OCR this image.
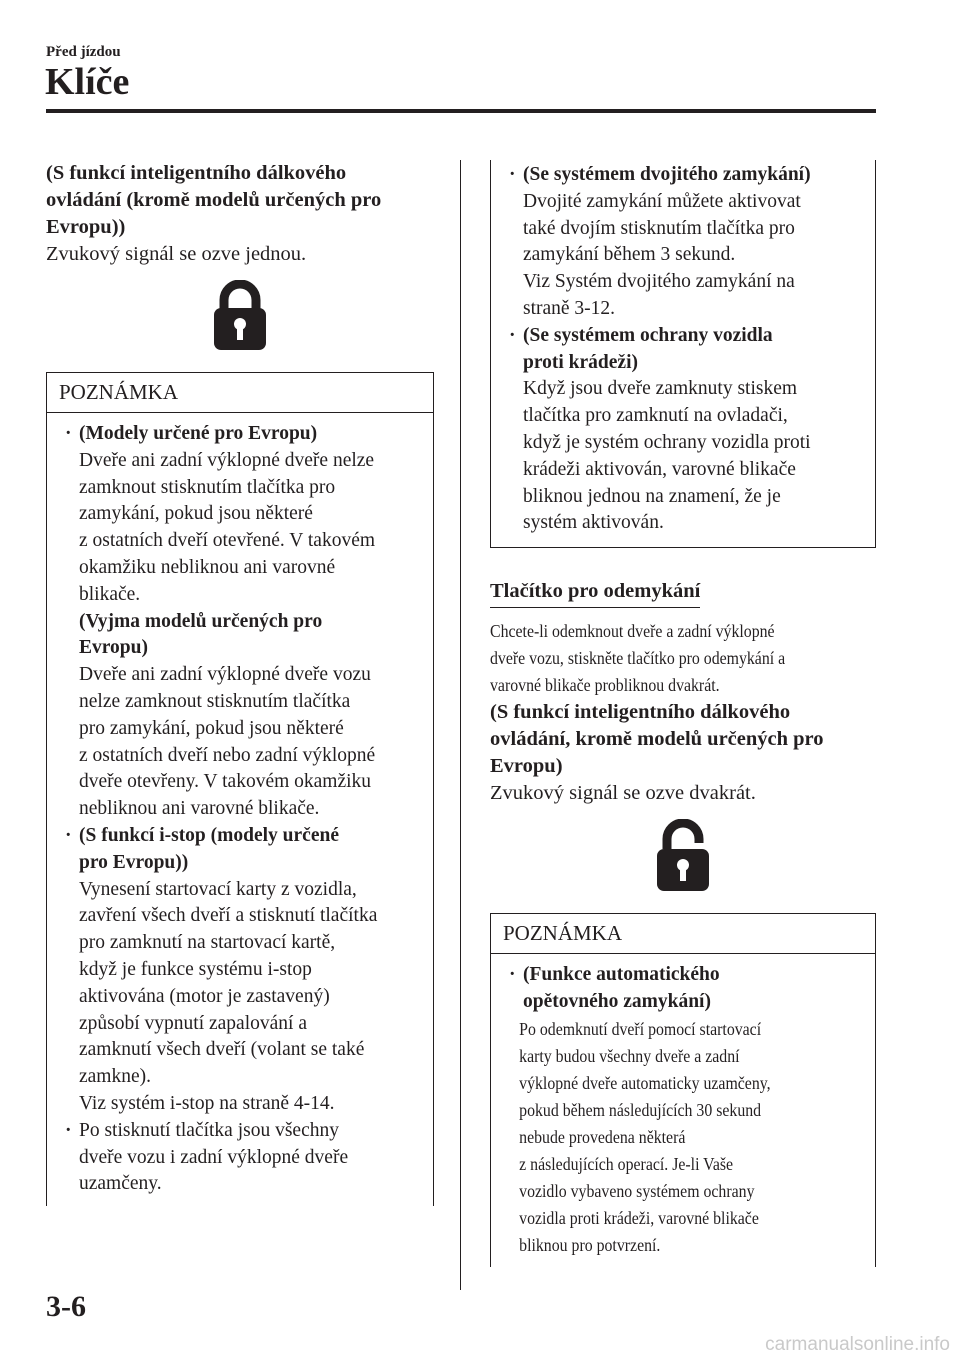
Před jízdou
Klíče

(S funkcí inteligentního dálkového

ovládání (kromě modelů určených pro

Evropu))

Zvukový signál se ozve jednou.

POZNÁMKA

· (Modely určené pro Evropu)

Dveře ani zadní výklopné dveře nelze

zamknout stisknutím tlačítka pro

zamykání, pokud jsou některé

z ostatních dveří otevřené. V takovém

okamžiku nebliknou ani varovné

blikače.

(Vyjma modelů určených pro

Evropu)

Dveře ani zadní výklopné dveře vozu

nelze zamknout stisknutím tlačítka

pro zamykání, pokud jsou některé

z ostatních dveří nebo zadní výklopné

dveře otevřeny. V takovém okamžiku

nebliknou ani varovné blikače.

· (S funkcí i-stop (modely určené

pro Evropu))

Vynesení startovací karty z vozidla,

zavření všech dveří a stisknutí tlačítka

pro zamknutí na startovací kartě,

když je funkce systému i-stop

aktivována (motor je zastavený)

způsobí vypnutí zapalování a

zamknutí všech dveří (volant se také

zamkne).

Viz systém i-stop na straně 4-14.

· Po stisknutí tlačítka jsou všechny

dveře vozu i zadní výklopné dveře

uzamčeny.

· (Se systémem dvojitého zamykání)

Dvojité zamykání můžete aktivovat

také dvojím stisknutím tlačítka pro

zamykání během 3 sekund.

Viz Systém dvojitého zamykání na

straně 3-12.

· (Se systémem ochrany vozidla

proti krádeži)

Když jsou dveře zamknuty stiskem

tlačítka pro zamknutí na ovladači,

když je systém ochrany vozidla proti

krádeži aktivován, varovné blikače

bliknou jednou na znamení, že je

systém aktivován.

Tlačítko pro odemykání

Chcete-li odemknout dveře a zadní výklopné

dveře vozu, stiskněte tlačítko pro odemykání a

varovné blikače probliknou dvakrát.

(S funkcí inteligentního dálkového

ovládání, kromě modelů určených pro

Evropu)

Zvukový signál se ozve dvakrát.

POZNÁMKA

· (Funkce automatického

opětovného zamykání)

Po odemknutí dveří pomocí startovací

karty budou všechny dveře a zadní

výklopné dveře automaticky uzamčeny,

pokud během následujících 30 sekund

nebude provedena některá

z následujících operací. Je-li Vaše

vozidlo vybaveno systémem ochrany

vozidla proti krádeži, varovné blikače

bliknou pro potvrzení.

3-6
carmanualsonline.info
